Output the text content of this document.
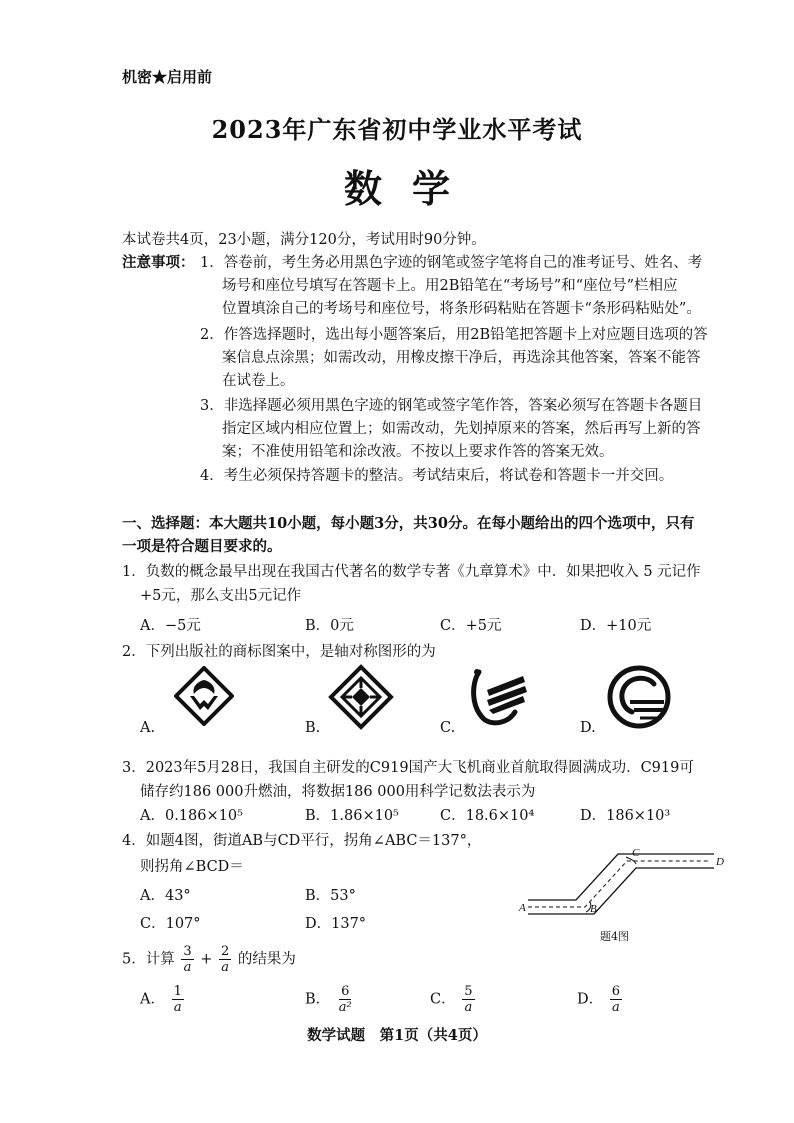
机密★启用前
2023年广东省初中学业水平考试
数学
本试卷共4页，23小题，满分120分，考试用时90分钟。
注意事项： 1．答卷前，考生务必用黑色字迹的钢笔或签字笔将自己的准考证号、姓名、考
场号和座位号填写在答题卡上。用2B铅笔在“考场号”和“座位号”栏相应
位置填涂自己的考场号和座位号，将条形码粘贴在答题卡“条形码粘贴处”。
2．作答选择题时，选出每小题答案后，用2B铅笔把答题卡上对应题目选项的答
案信息点涂黑；如需改动，用橡皮擦干净后，再选涂其他答案，答案不能答
在试卷上。
3．非选择题必须用黑色字迹的钢笔或签字笔作答，答案必须写在答题卡各题目
指定区域内相应位置上；如需改动，先划掉原来的答案，然后再写上新的答
案；不准使用铅笔和涂改液。不按以上要求作答的答案无效。
4．考生必须保持答题卡的整洁。考试结束后，将试卷和答题卡一并交回。
一、选择题：本大题共10小题，每小题3分，共30分。在每小题给出的四个选项中，只有
一项是符合题目要求的。
1．负数的概念最早出现在我国古代著名的数学专著《九章算术》中．如果把收入 5 元记作
+5元，那么支出5元记作
A．−5元	B．0元	C．+5元	D．+10元
2．下列出版社的商标图案中，是轴对称图形的为
A.	B.	C.	D.
3．2023年5月28日，我国自主研发的C919国产大飞机商业首航取得圆满成功．C919可
储存约186 000升燃油，将数据186 000用科学记数法表示为
A．0.186×10⁵	B．1.86×10⁵	C．18.6×10⁴	D．186×10³
4．如题4图，街道AB与CD平行，拐角∠ABC＝137°，
则拐角∠BCD＝
A．43°	B．53°
C．107°	D．137°
A	B
C
D
题4图
5．计算 $\frac{3}{a} + \frac{2}{a}$ 的结果为
A． $\frac{1}{a}$	B． $\frac{6}{\text{a²}}$	C． $\frac{5}{a}$	D． $\frac{6}{a}$
数学试题　第1页（共4页）
